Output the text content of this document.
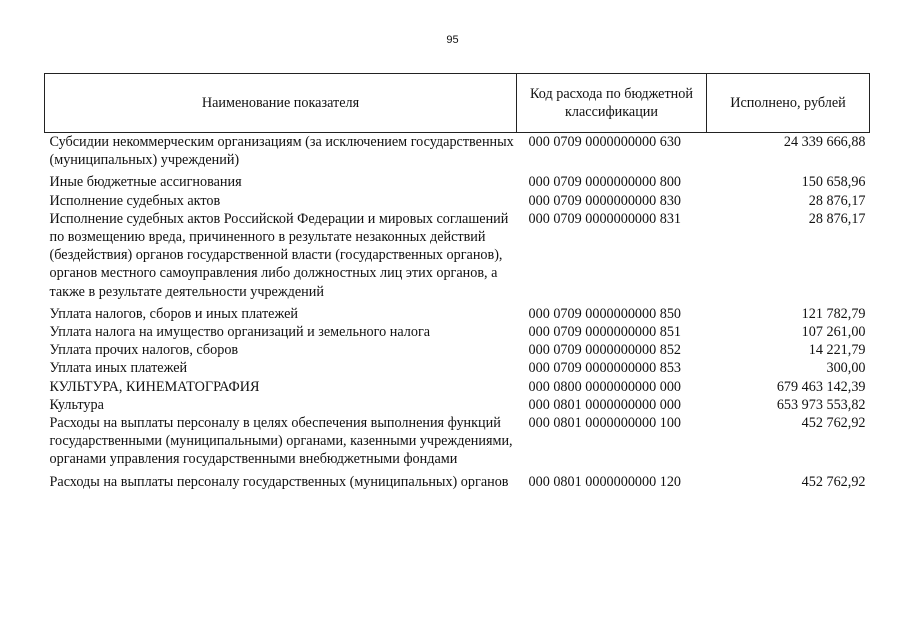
95
Наименование показателя	Код расхода по бюджетной классификации	Исполнено, рублей
Субсидии некоммерческим организациям (за исключением государственных (муниципальных) учреждений)	000 0709 0000000000 630	24 339 666,88
Иные бюджетные ассигнования	000 0709 0000000000 800	150 658,96
Исполнение судебных актов	000 0709 0000000000 830	28 876,17
Исполнение судебных актов Российской Федерации и мировых соглашений по возмещению вреда, причиненного в результате незаконных действий (бездействия) органов государственной власти (государственных органов), органов местного самоуправления либо должностных лиц этих органов, а также в результате деятельности учреждений	000 0709 0000000000 831	28 876,17
Уплата налогов, сборов и иных платежей	000 0709 0000000000 850	121 782,79
Уплата налога на имущество организаций и земельного налога	000 0709 0000000000 851	107 261,00
Уплата прочих налогов, сборов	000 0709 0000000000 852	14 221,79
Уплата иных платежей	000 0709 0000000000 853	300,00
КУЛЬТУРА, КИНЕМАТОГРАФИЯ	000 0800 0000000000 000	679 463 142,39
Культура	000 0801 0000000000 000	653 973 553,82
Расходы на выплаты персоналу в целях обеспечения выполнения функций государственными (муниципальными) органами, казенными учреждениями, органами управления государственными внебюджетными фондами	000 0801 0000000000 100	452 762,92
Расходы на выплаты персоналу государственных (муниципальных) органов	000 0801 0000000000 120	452 762,92
